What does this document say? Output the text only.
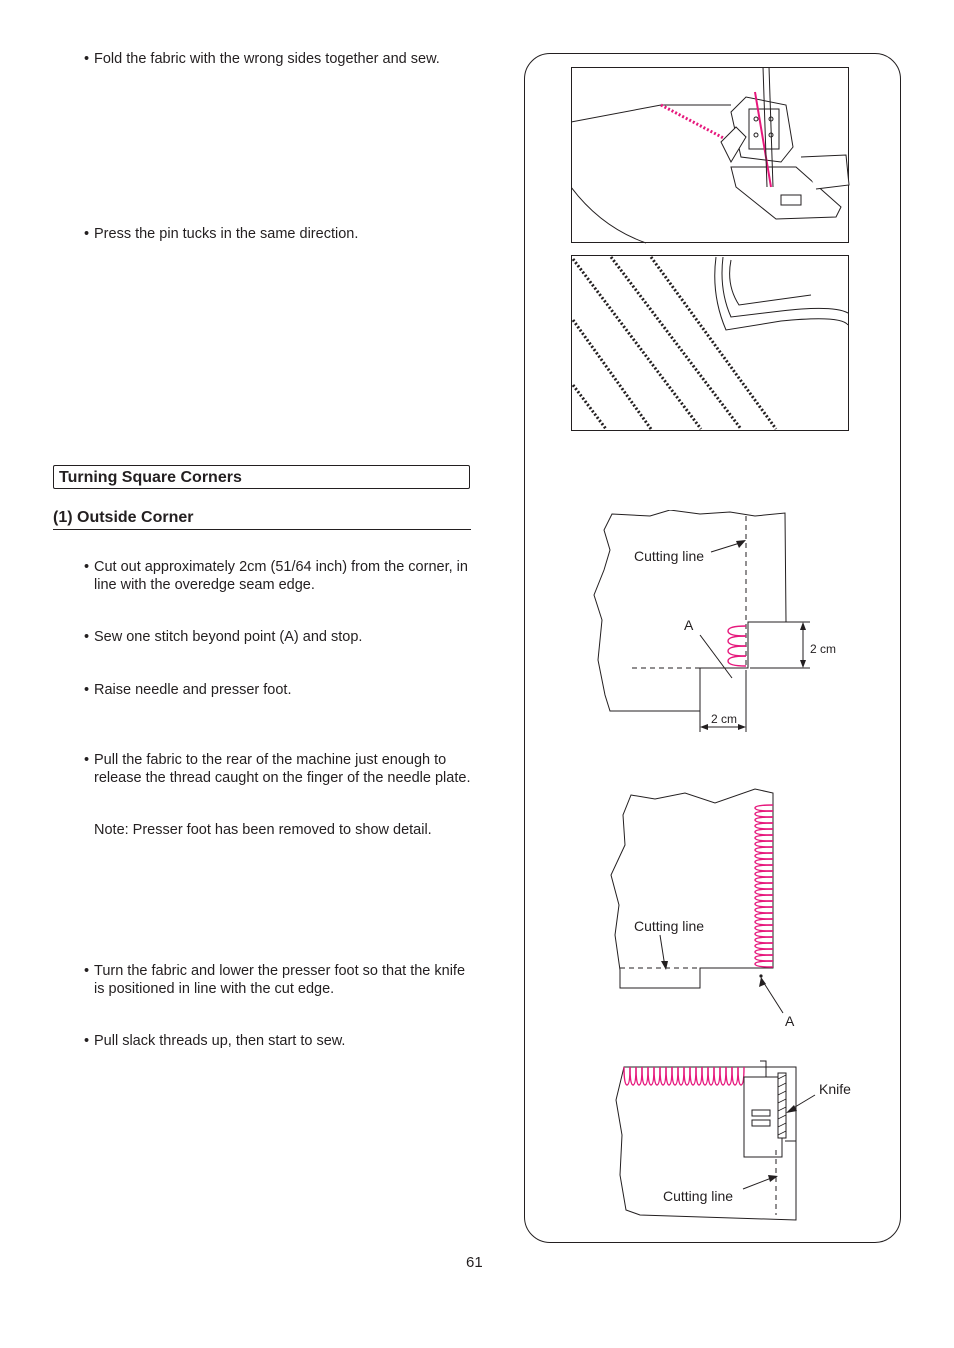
• Fold the fabric with the wrong sides together and sew.
• Press the pin tucks in the same direction.
Turning Square Corners
(1) Outside Corner
• Cut out approximately 2cm (51/64 inch) from the corner, in line with the overedge seam edge.
• Sew one stitch beyond point (A) and stop.
• Raise needle and presser foot.
• Pull the fabric to the rear of the machine just enough to release the thread caught on the finger of the needle plate.
Note: Presser foot has been removed to show detail.
• Turn the fabric and lower the presser foot so that the knife is positioned in line with the cut edge.
• Pull slack threads up, then start to sew.
Cutting line
A
2 cm
2 cm
Cutting line
A
Knife
Cutting line
61
